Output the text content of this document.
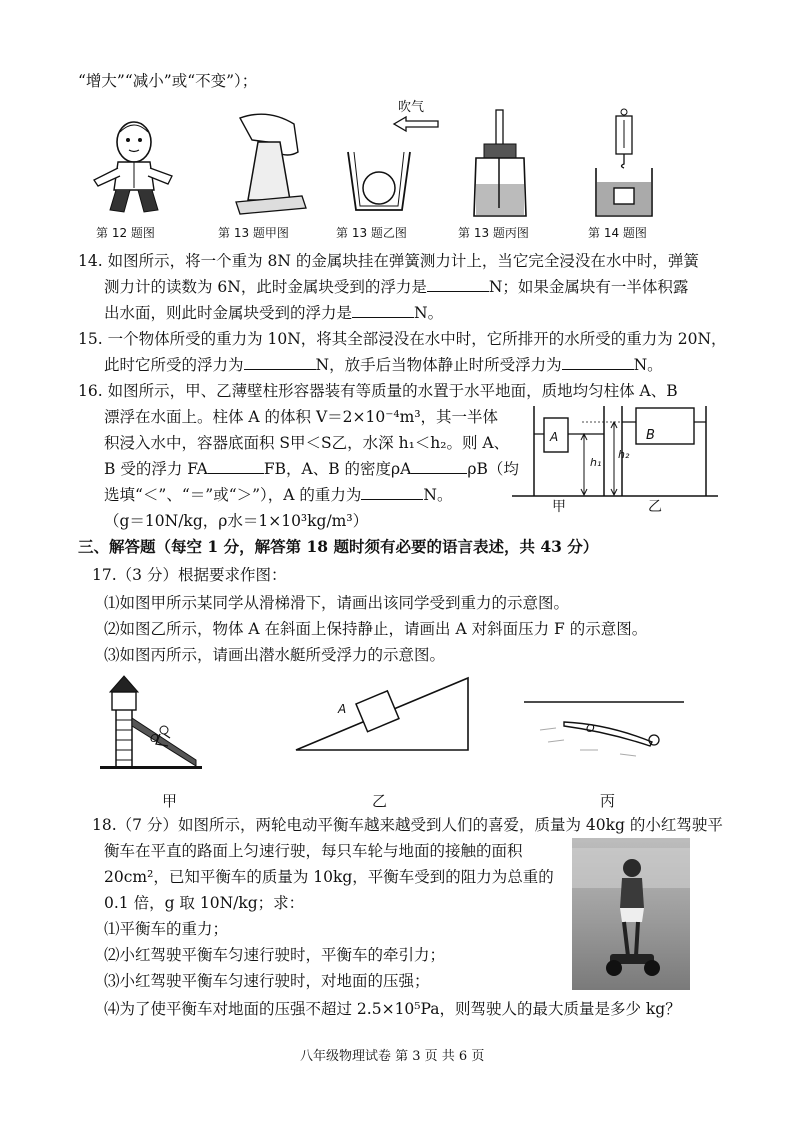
“增大”“减小”或“不变”）；
吹气
第 12 题图	第 13 题甲图	第 13 题乙图	第 13 题丙图	第 14 题图
14. 如图所示，将一个重为 8N 的金属块挂在弹簧测力计上，当它完全浸没在水中时，弹簧
测力计的读数为 6N，此时金属块受到的浮力是	N；如果金属块有一半体积露
出水面，则此时金属块受到的浮力是	N。
15. 一个物体所受的重力为 10N，将其全部浸没在水中时，它所排开的水所受的重力为 20N，
此时它所受的浮力为	N，放手后当物体静止时所受浮力为	N。
16. 如图所示，甲、乙薄壁柱形容器装有等质量的水置于水平地面，质地均匀柱体 A、B
漂浮在水面上。柱体 A 的体积 V＝2×10⁻⁴m³，其一半体
积浸入水中，容器底面积 S甲＜S乙，水深 h₁＜h₂。则 A、
B 受的浮力 FA	FB，A、B 的密度ρA	ρB（均
选填“＜”、“＝”或“＞”），A 的重力为	N。
（g＝10N/kg，ρ水＝1×10³kg/m³）
A	B
h₁
h₂
甲	乙
三、解答题（每空 1 分，解答第 18 题时须有必要的语言表述，共 43 分）
17.（3 分）根据要求作图：
⑴如图甲所示某同学从滑梯滑下，请画出该同学受到重力的示意图。
⑵如图乙所示，物体 A 在斜面上保持静止，请画出 A 对斜面压力 F 的示意图。
⑶如图丙所示，请画出潜水艇所受浮力的示意图。
O
A
O
甲	乙	丙
18.（7 分）如图所示，两轮电动平衡车越来越受到人们的喜爱，质量为 40kg 的小红驾驶平
衡车在平直的路面上匀速行驶，每只车轮与地面的接触的面积
20cm²，已知平衡车的质量为 10kg，平衡车受到的阻力为总重的
0.1 倍，g 取 10N/kg；求：
⑴平衡车的重力；
⑵小红驾驶平衡车匀速行驶时，平衡车的牵引力；
⑶小红驾驶平衡车匀速行驶时，对地面的压强；
⑷为了使平衡车对地面的压强不超过 2.5×10⁵Pa，则驾驶人的最大质量是多少 kg？
八年级物理试卷 第 3 页 共 6 页
